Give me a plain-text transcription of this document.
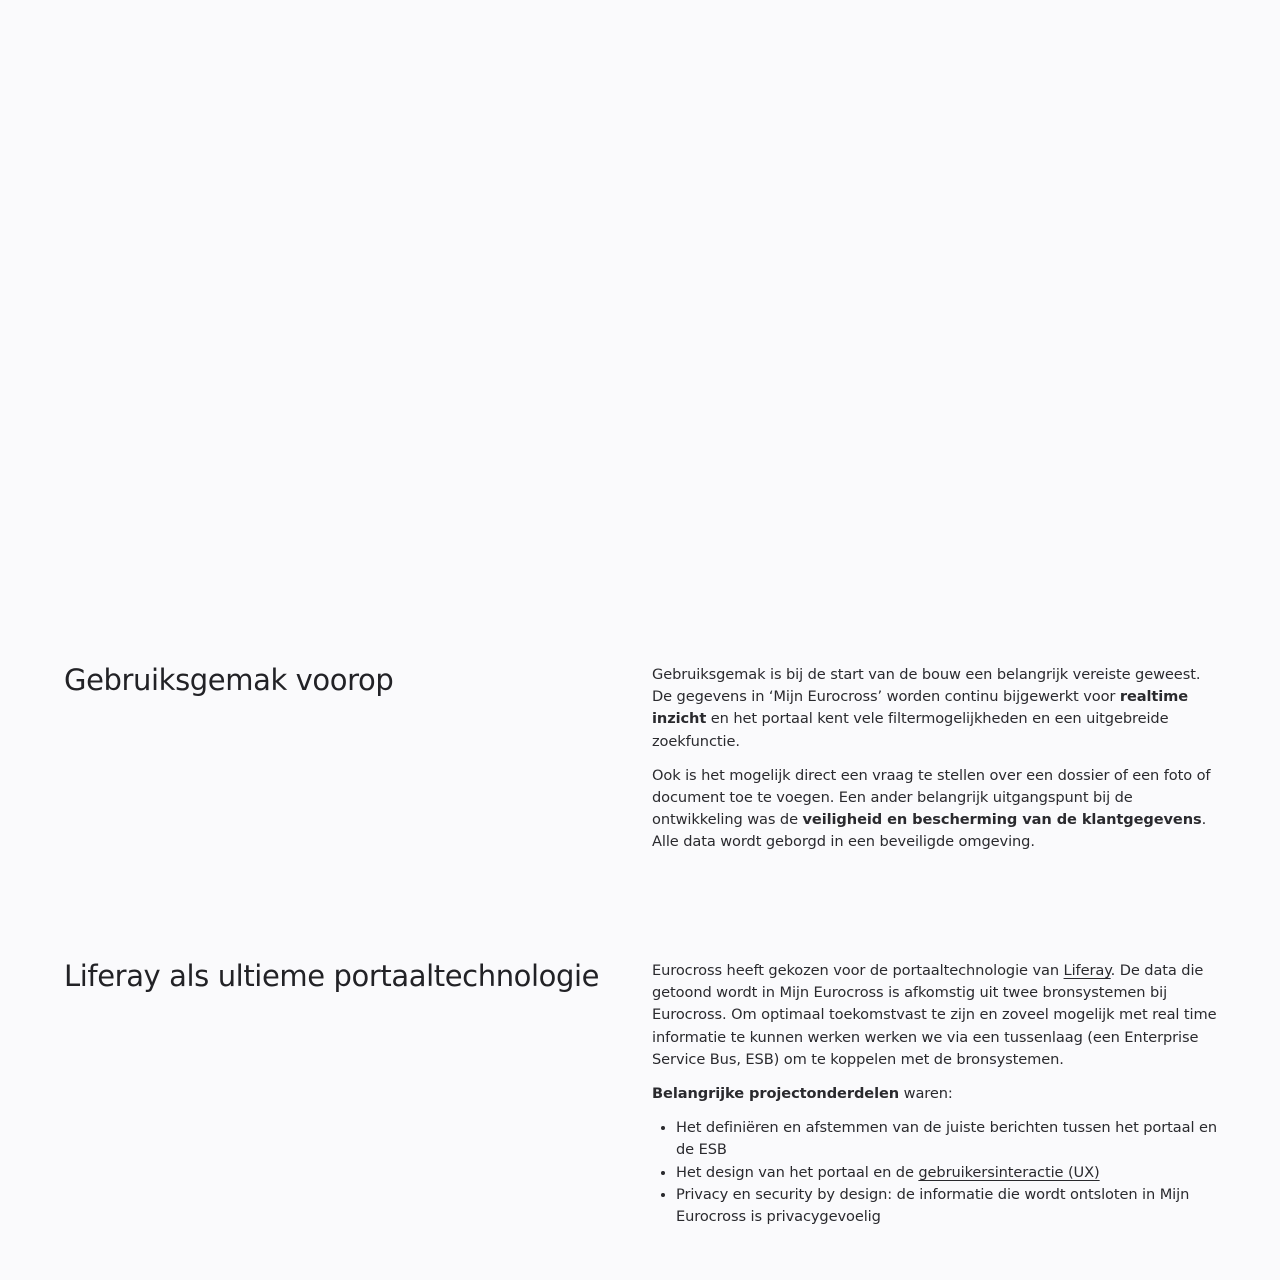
Gebruiksgemak voorop	Gebruiksgemak is bij de start van de bouw een belangrijk vereiste geweest. De gegevens in ‘Mijn Eurocross’ worden continu bijgewerkt voor realtime inzicht en het portaal kent vele filtermogelijkheden en een uitgebreide zoekfunctie.

Ook is het mogelijk direct een vraag te stellen over een dossier of een foto of document toe te voegen. Een ander belangrijk uitgangspunt bij de ontwikkeling was de veiligheid en bescherming van de klantgegevens. Alle data wordt geborgd in een beveiligde omgeving.

Liferay als ultieme portaaltechnologie	Eurocross heeft gekozen voor de portaaltechnologie van Liferay. De data die getoond wordt in Mijn Eurocross is afkomstig uit twee bronsystemen bij Eurocross. Om optimaal toekomstvast te zijn en zoveel mogelijk met real time informatie te kunnen werken werken we via een tussenlaag (een Enterprise Service Bus, ESB) om te koppelen met de bronsystemen.

Belangrijke projectonderdelen waren:

• Het definiëren en afstemmen van de juiste berichten tussen het portaal en de ESB
• Het design van het portaal en de gebruikersinteractie (UX)
• Privacy en security by design: de informatie die wordt ontsloten in Mijn Eurocross is privacygevoelig
